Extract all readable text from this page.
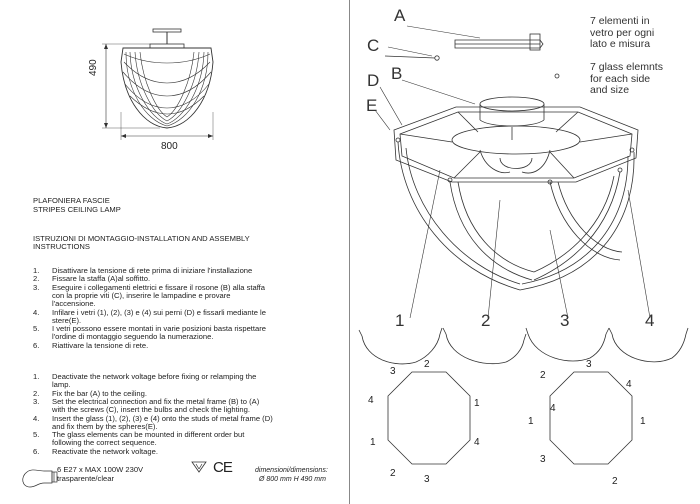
490
800
PLAFONIERA FASCIE
STRIPES CEILING LAMP
ISTRUZIONI DI MONTAGGIO-INSTALLATION AND ASSEMBLY
INSTRUCTIONS
1. Disattivare la tensione di rete prima di iniziare l'installazione
2. Fissare la staffa (A)al soffitto.
3. Eseguire i collegamenti elettrici e fissare il rosone (B) alla staffa
con la proprie viti (C), inserire le lampadine e provare
l'accensione.
4. Infilare i vetri (1), (2), (3) e (4) sui perni (D) e fissarli mediante le
stere(E).
5. I vetri possono essere montati in varie posizioni basta rispettare
l'ordine di montaggio seguendo la numerazione.
6. Riattivare la tensione di rete.
1. Deactivate the network voltage before fixing or relamping the
lamp.
2. Fix the bar (A) to the ceiling.
3. Set the electrical connection and fix the metal frame (B) to (A)
with the screws (C), insert the bulbs and check the lighting.
4. Insert the glass (1), (2), (3) e (4) onto the studs of metal frame (D)
and fix them by the spheres(E).
5. The glass elements can be mounted in different order but
following the correct sequence.
6. Reactivate the network voltage.
6 E27 x MAX 100W 230V
trasparente/clear
CE	dimensioni/dimensions:
Ø 800 mm H 490 mm
A
B
C
D
E
7 elementi in
vetro per ogni
lato e misura
7 glass elemnts
for each side
and size
1	2	3	4
3
2
4	1
1	4
2
3
2
3
1
4
4
1
3
2
